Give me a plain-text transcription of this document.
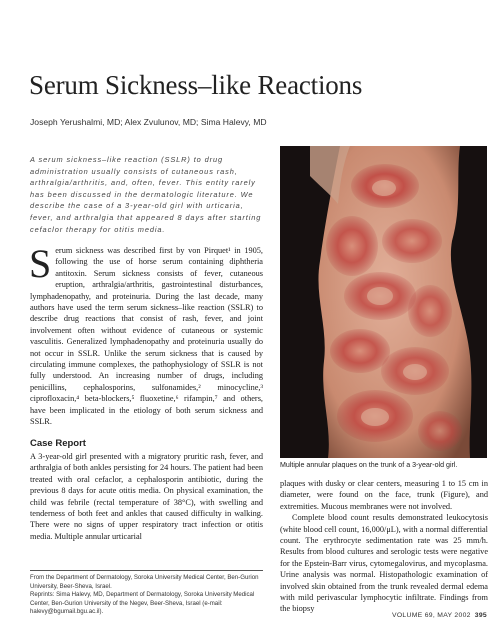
Serum Sickness–like Reactions
Joseph Yerushalmi, MD; Alex Zvulunov, MD; Sima Halevy, MD

A serum sickness–like reaction (SSLR) to drug administration usually consists of cutaneous rash, arthralgia/arthritis, and, often, fever. This entity rarely has been discussed in the dermatologic literature. We describe the case of a 3-year-old girl with urticaria, fever, and arthralgia that appeared 8 days after starting cefaclor therapy for otitis media.

Serum sickness was described first by von Pirquet¹ in 1905, following the use of horse serum containing diphtheria antitoxin. Serum sickness consists of fever, cutaneous eruption, arthralgia/arthritis, gastrointestinal disturbances, lymphadenopathy, and proteinuria. During the last decade, many authors have used the term serum sickness–like reaction (SSLR) to describe drug reactions that consist of rash, fever, and joint involvement often without evidence of cutaneous or systemic vasculitis. Generalized lymphadenopathy and proteinuria usually do not occur in SSLR. Unlike the serum sickness that is caused by circulating immune complexes, the pathophysiology of SSLR is not fully understood. An increasing number of drugs, including penicillins, cephalosporins, sulfonamides,² minocycline,³ ciprofloxacin,⁴ beta-blockers,⁵ fluoxetine,⁶ rifampin,⁷ and others, have been implicated in the etiology of both serum sickness and SSLR.

Case Report

A 3-year-old girl presented with a migratory pruritic rash, fever, and arthralgia of both ankles persisting for 24 hours. The patient had been treated with oral cefaclor, a cephalosporin antibiotic, during the previous 8 days for acute otitis media. On physical examination, the child was febrile (rectal temperature of 38°C), with swelling and tenderness of both feet and ankles that caused difficulty in walking. There were no signs of upper respiratory tract infection or otitis media. Multiple annular urticarial

From the Department of Dermatology, Soroka University Medical Center, Ben-Gurion University, Beer-Sheva, Israel.

Reprints: Sima Halevy, MD, Department of Dermatology, Soroka University Medical Center, Ben-Gurion University of the Negev, Beer-Sheva, Israel (e-mail: halevy@bgumail.bgu.ac.il).

Multiple annular plaques on the trunk of a 3-year-old girl.

plaques with dusky or clear centers, measuring 1 to 15 cm in diameter, were found on the face, trunk (Figure), and extremities. Mucous membranes were not involved.

Complete blood count results demonstrated leukocytosis (white blood cell count, 16,000/μL), with a normal differential count. The erythrocyte sedimentation rate was 25 mm/h. Results from blood cultures and serologic tests were negative for the Epstein-Barr virus, cytomegalovirus, and mycoplasma. Urine analysis was normal. Histopathologic examination of involved skin obtained from the trunk revealed dermal edema with mild perivascular lymphocytic infiltrate. Findings from the biopsy

VOLUME 69, MAY 2002 395
